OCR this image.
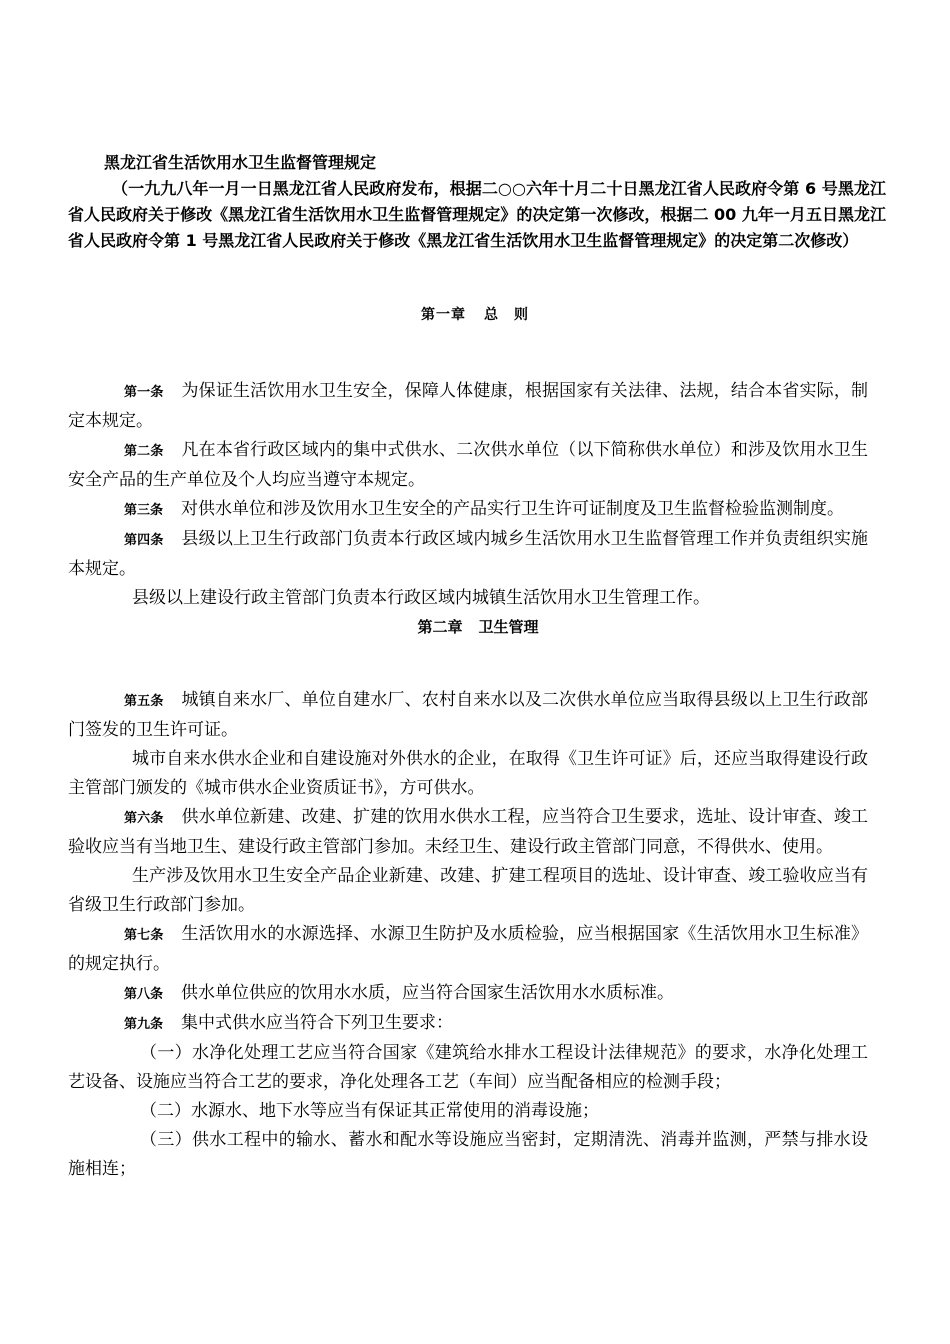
黑龙江省生活饮用水卫生监督管理规定
（一九九八年一月一日黑龙江省人民政府发布，根据二○○六年十月二十日黑龙江省人民政府令第 6 号黑龙江省人民政府关于修改《黑龙江省生活饮用水卫生监督管理规定》的决定第一次修改，根据二 00 九年一月五日黑龙江省人民政府令第 1 号黑龙江省人民政府关于修改《黑龙江省生活饮用水卫生监督管理规定》的决定第二次修改）
第一章 总　则

第一条 为保证生活饮用水卫生安全，保障人体健康，根据国家有关法律、法规，结合本省实际，制定本规定。

第二条 凡在本省行政区域内的集中式供水、二次供水单位（以下简称供水单位）和涉及饮用水卫生安全产品的生产单位及个人均应当遵守本规定。

第三条 对供水单位和涉及饮用水卫生安全的产品实行卫生许可证制度及卫生监督检验监测制度。

第四条 县级以上卫生行政部门负责本行政区域内城乡生活饮用水卫生监督管理工作并负责组织实施本规定。

县级以上建设行政主管部门负责本行政区域内城镇生活饮用水卫生管理工作。

第二章 卫生管理

第五条 城镇自来水厂、单位自建水厂、农村自来水以及二次供水单位应当取得县级以上卫生行政部门签发的卫生许可证。

城市自来水供水企业和自建设施对外供水的企业，在取得《卫生许可证》后，还应当取得建设行政主管部门颁发的《城市供水企业资质证书》，方可供水。

第六条 供水单位新建、改建、扩建的饮用水供水工程，应当符合卫生要求，选址、设计审查、竣工验收应当有当地卫生、建设行政主管部门参加。未经卫生、建设行政主管部门同意，不得供水、使用。

生产涉及饮用水卫生安全产品企业新建、改建、扩建工程项目的选址、设计审查、竣工验收应当有省级卫生行政部门参加。

第七条 生活饮用水的水源选择、水源卫生防护及水质检验，应当根据国家《生活饮用水卫生标准》的规定执行。

第八条 供水单位供应的饮用水水质，应当符合国家生活饮用水水质标准。

第九条 集中式供水应当符合下列卫生要求：

（一）水净化处理工艺应当符合国家《建筑给水排水工程设计法律规范》的要求，水净化处理工艺设备、设施应当符合工艺的要求，净化处理各工艺（车间）应当配备相应的检测手段；

（二）水源水、地下水等应当有保证其正常使用的消毒设施；

（三）供水工程中的输水、蓄水和配水等设施应当密封，定期清洗、消毒并监测，严禁与排水设施相连；
